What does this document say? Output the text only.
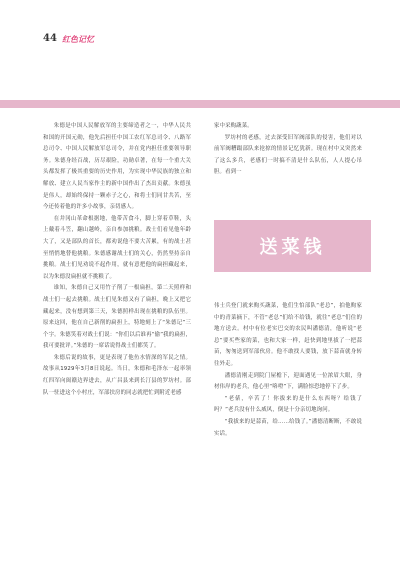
44 红色记忆

朱德是中国人民解放军的主要缔造者之一，中华人民共和国的开国元勋，他先后担任中国工农红军总司令、八路军总司令、中国人民解放军总司令，并在党内担任重要领导职务。朱德身经百战，历尽艰险，功勋卓著，在每一个重大关头都发挥了极其重要的历史作用，为实现中华民族的独立和解放、建立人民当家作主的新中国作出了杰出贡献。朱德虽是伟人，却始终保持一颗赤子之心，和将士们同甘共苦，至今还传着他的许多小故事，亲切感人。

在井冈山革命根据地，他带苦食斗，脚上穿着草鞋，头上戴着斗笠，翻山越岭，亲自参加挑粮。战士们看见他年龄大了，又是部队的首长，都劝说他不要大苦累，有的战士甚至悄悄地替他挑粮。朱德感谢战士们的关心，仍然坚持亲自挑粮。战士们见劝说不起作用，就有意把他的扁担藏起来，以为朱德没扁担就不挑粮了。

谁知，朱德自己又用竹子削了一根扁担，第二天照样和战士们一起去挑粮。战士们见朱德又有了扁担，晚上又把它藏起来，没有想到第三天，朱德照样出现在挑粮的队伍里。原来这回，他在自己新削的扁担上，特地刻上了“朱德记”三个字。朱德笑着对战士们说：“你们以后谁再“偷”我的扁担，我可要批评。”朱德的一席话说得战士们都笑了。

朱德后说的故事，更是表现了他鱼水情深的军民之情。故事从1929年3月8日说起。当日，朱德和毛泽东一起率领红四军向闽赣边界进去，从广昌县来到长汀县的罗坊村。部队一驻进这个小村庄，军部扶房的同志就把忙到附近老感

家中采购蔬菜。

罗坊村的老感，过去深受旧军阀部队的侵害，他们对以前军阀糟蹋部队来抢掠的情景记忆犹新。现在村中又突然来了这么多兵，老感们一时搞不清是什么队伍，人人提心吊胆。看到一

送菜钱

伟士兵登门就来购买蔬菜，他们生怕部队“老总”，拍他购家中的青菜摘下，不管“老总”们给不给钱，就往“老总”们住的地方送去。村中有位老实巴交的农民叫潘德清，他听说“老总”要买些家的菜，也和大家一样，赶快到地里拔了一把蒜苗，匆匆送到军部伙房。他不敢找人要钱，放下蒜苗就身转往外走。

潘德清刚走到院门屋檐下，迎面遇见一位浓眉大眼，身材伟岸的老兵，他心里“咯噔”下，满脸惊恐地停下了步。

“老俵，辛苦了！你拔来的是什么东西呀？给钱了吗？”老兵没有什么威风，倒是十分亲切地询问。

“我拔来的是蒜苗，给……给钱了。”潘德清断断，不敢说实话。
